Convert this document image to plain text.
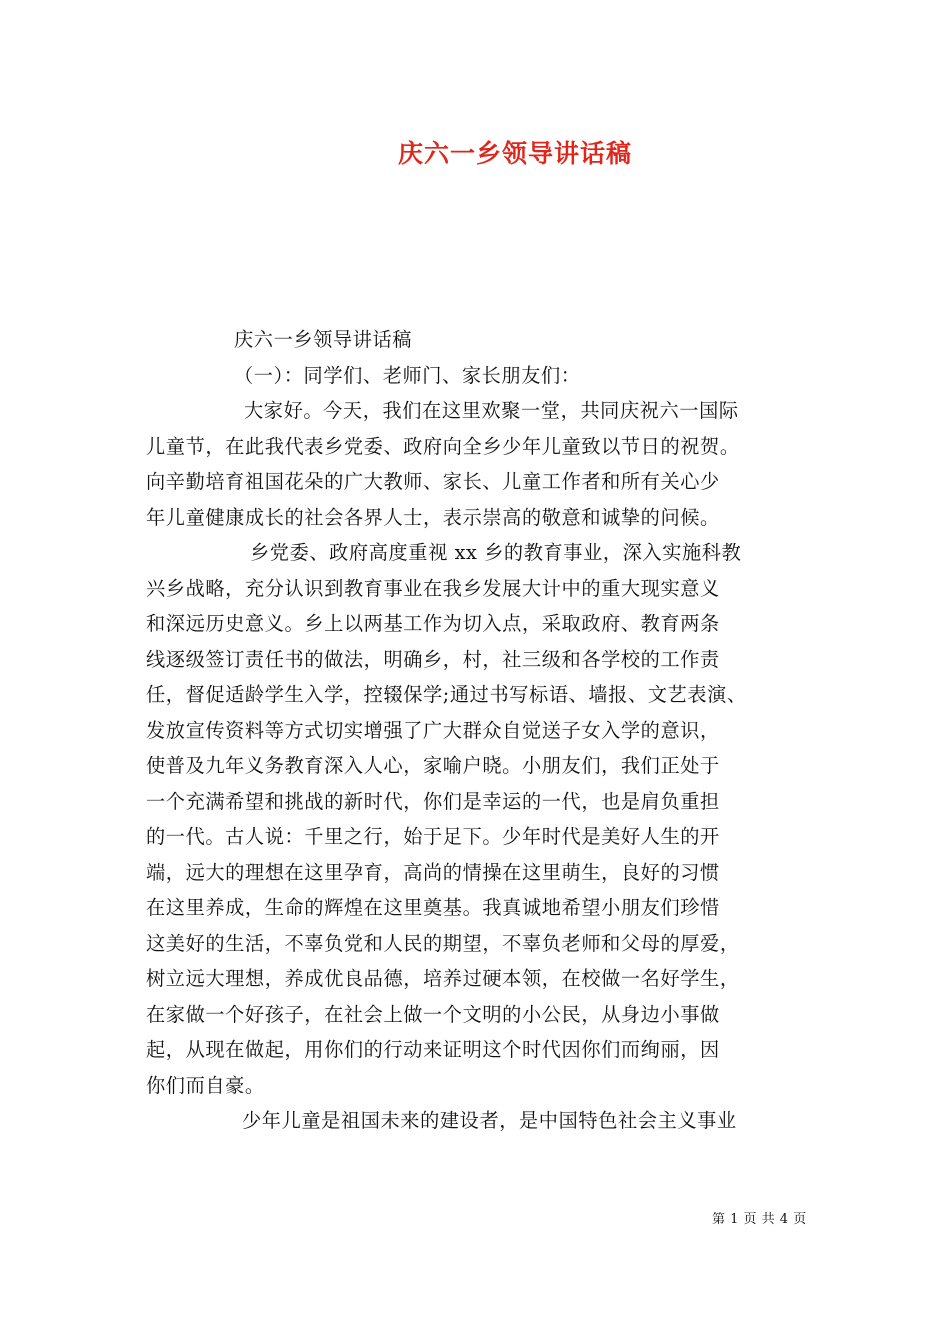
庆六一乡领导讲话稿
庆六一乡领导讲话稿
（一）：同学们、老师门、家长朋友们：
大家好。今天，我们在这里欢聚一堂，共同庆祝六一国际
儿童节，在此我代表乡党委、政府向全乡少年儿童致以节日的祝贺。
向辛勤培育祖国花朵的广大教师、家长、儿童工作者和所有关心少
年儿童健康成长的社会各界人士，表示崇高的敬意和诚挚的问候。
乡党委、政府高度重视 xx 乡的教育事业，深入实施科教
兴乡战略，充分认识到教育事业在我乡发展大计中的重大现实意义
和深远历史意义。乡上以两基工作为切入点，采取政府、教育两条
线逐级签订责任书的做法，明确乡，村，社三级和各学校的工作责
任，督促适龄学生入学，控辍保学;通过书写标语、墙报、文艺表演、
发放宣传资料等方式切实增强了广大群众自觉送子女入学的意识，
使普及九年义务教育深入人心，家喻户晓。小朋友们，我们正处于
一个充满希望和挑战的新时代，你们是幸运的一代，也是肩负重担
的一代。古人说：千里之行，始于足下。少年时代是美好人生的开
端，远大的理想在这里孕育，高尚的情操在这里萌生，良好的习惯
在这里养成，生命的辉煌在这里奠基。我真诚地希望小朋友们珍惜
这美好的生活，不辜负党和人民的期望，不辜负老师和父母的厚爱，
树立远大理想，养成优良品德，培养过硬本领，在校做一名好学生，
在家做一个好孩子，在社会上做一个文明的小公民，从身边小事做
起，从现在做起，用你们的行动来证明这个时代因你们而绚丽，因
你们而自豪。
少年儿童是祖国未来的建设者，是中国特色社会主义事业
第 1 页 共 4 页
